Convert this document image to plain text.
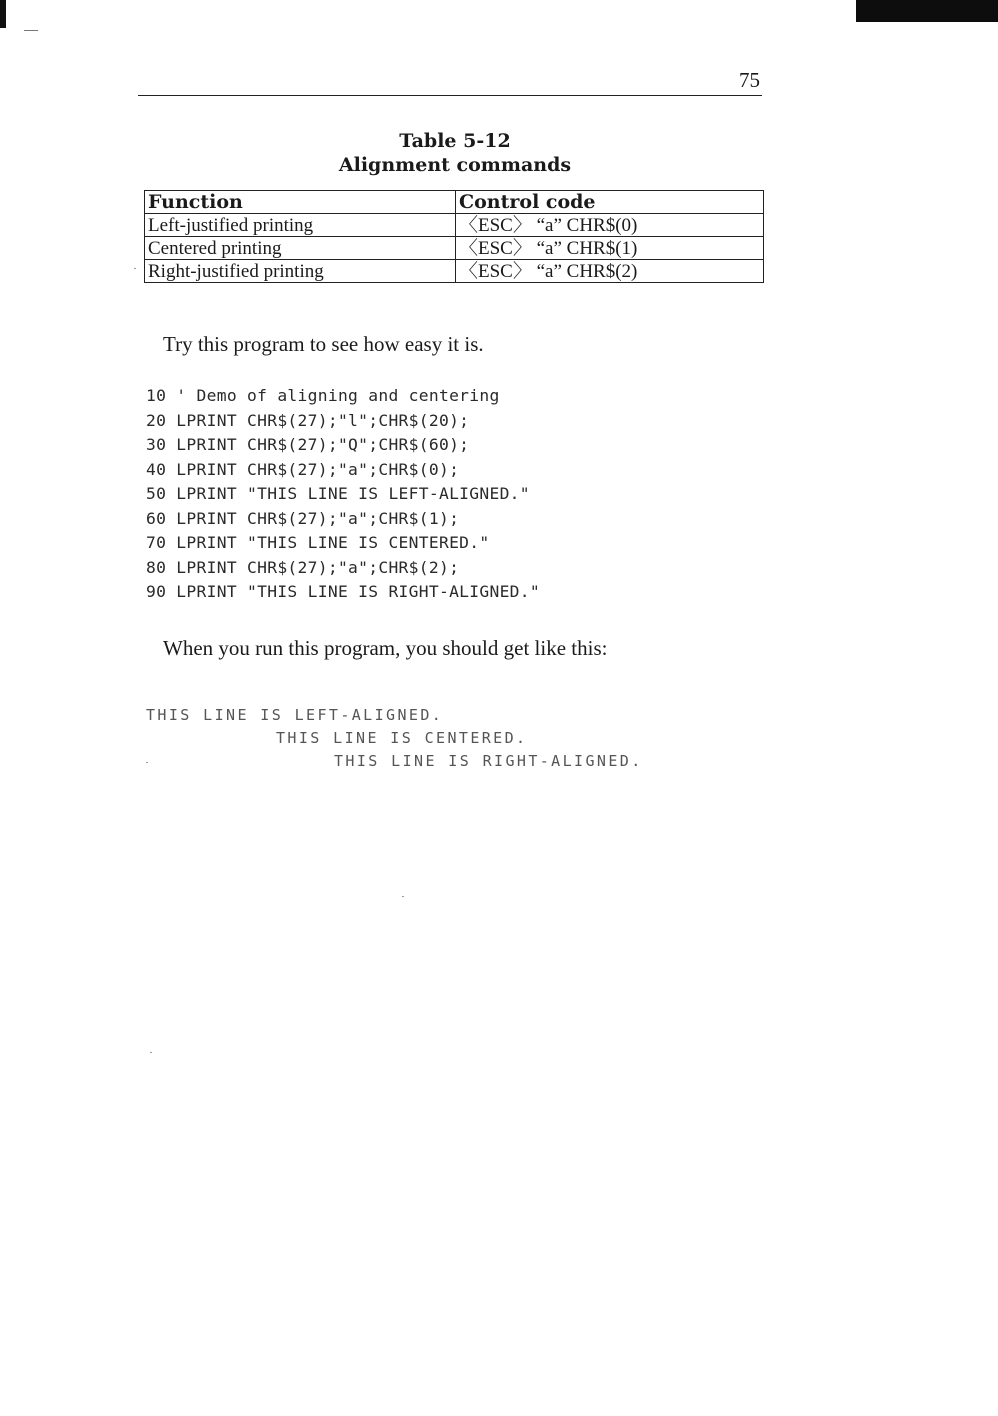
75
Table 5-12
Alignment commands
Function	Control code
Left-justified printing	〈ESC〉 “a” CHR$(0)
Centered printing	〈ESC〉 “a” CHR$(1)
Right-justified printing	〈ESC〉 “a” CHR$(2)
Try this program to see how easy it is.
10 ' Demo of aligning and centering
20 LPRINT CHR$(27);"l";CHR$(20);
30 LPRINT CHR$(27);"Q";CHR$(60);
40 LPRINT CHR$(27);"a";CHR$(0);
50 LPRINT "THIS LINE IS LEFT-ALIGNED."
60 LPRINT CHR$(27);"a";CHR$(1);
70 LPRINT "THIS LINE IS CENTERED."
80 LPRINT CHR$(27);"a";CHR$(2);
90 LPRINT "THIS LINE IS RIGHT-ALIGNED."
When you run this program, you should get like this:
THIS LINE IS LEFT-ALIGNED.
THIS LINE IS CENTERED.
THIS LINE IS RIGHT-ALIGNED.
